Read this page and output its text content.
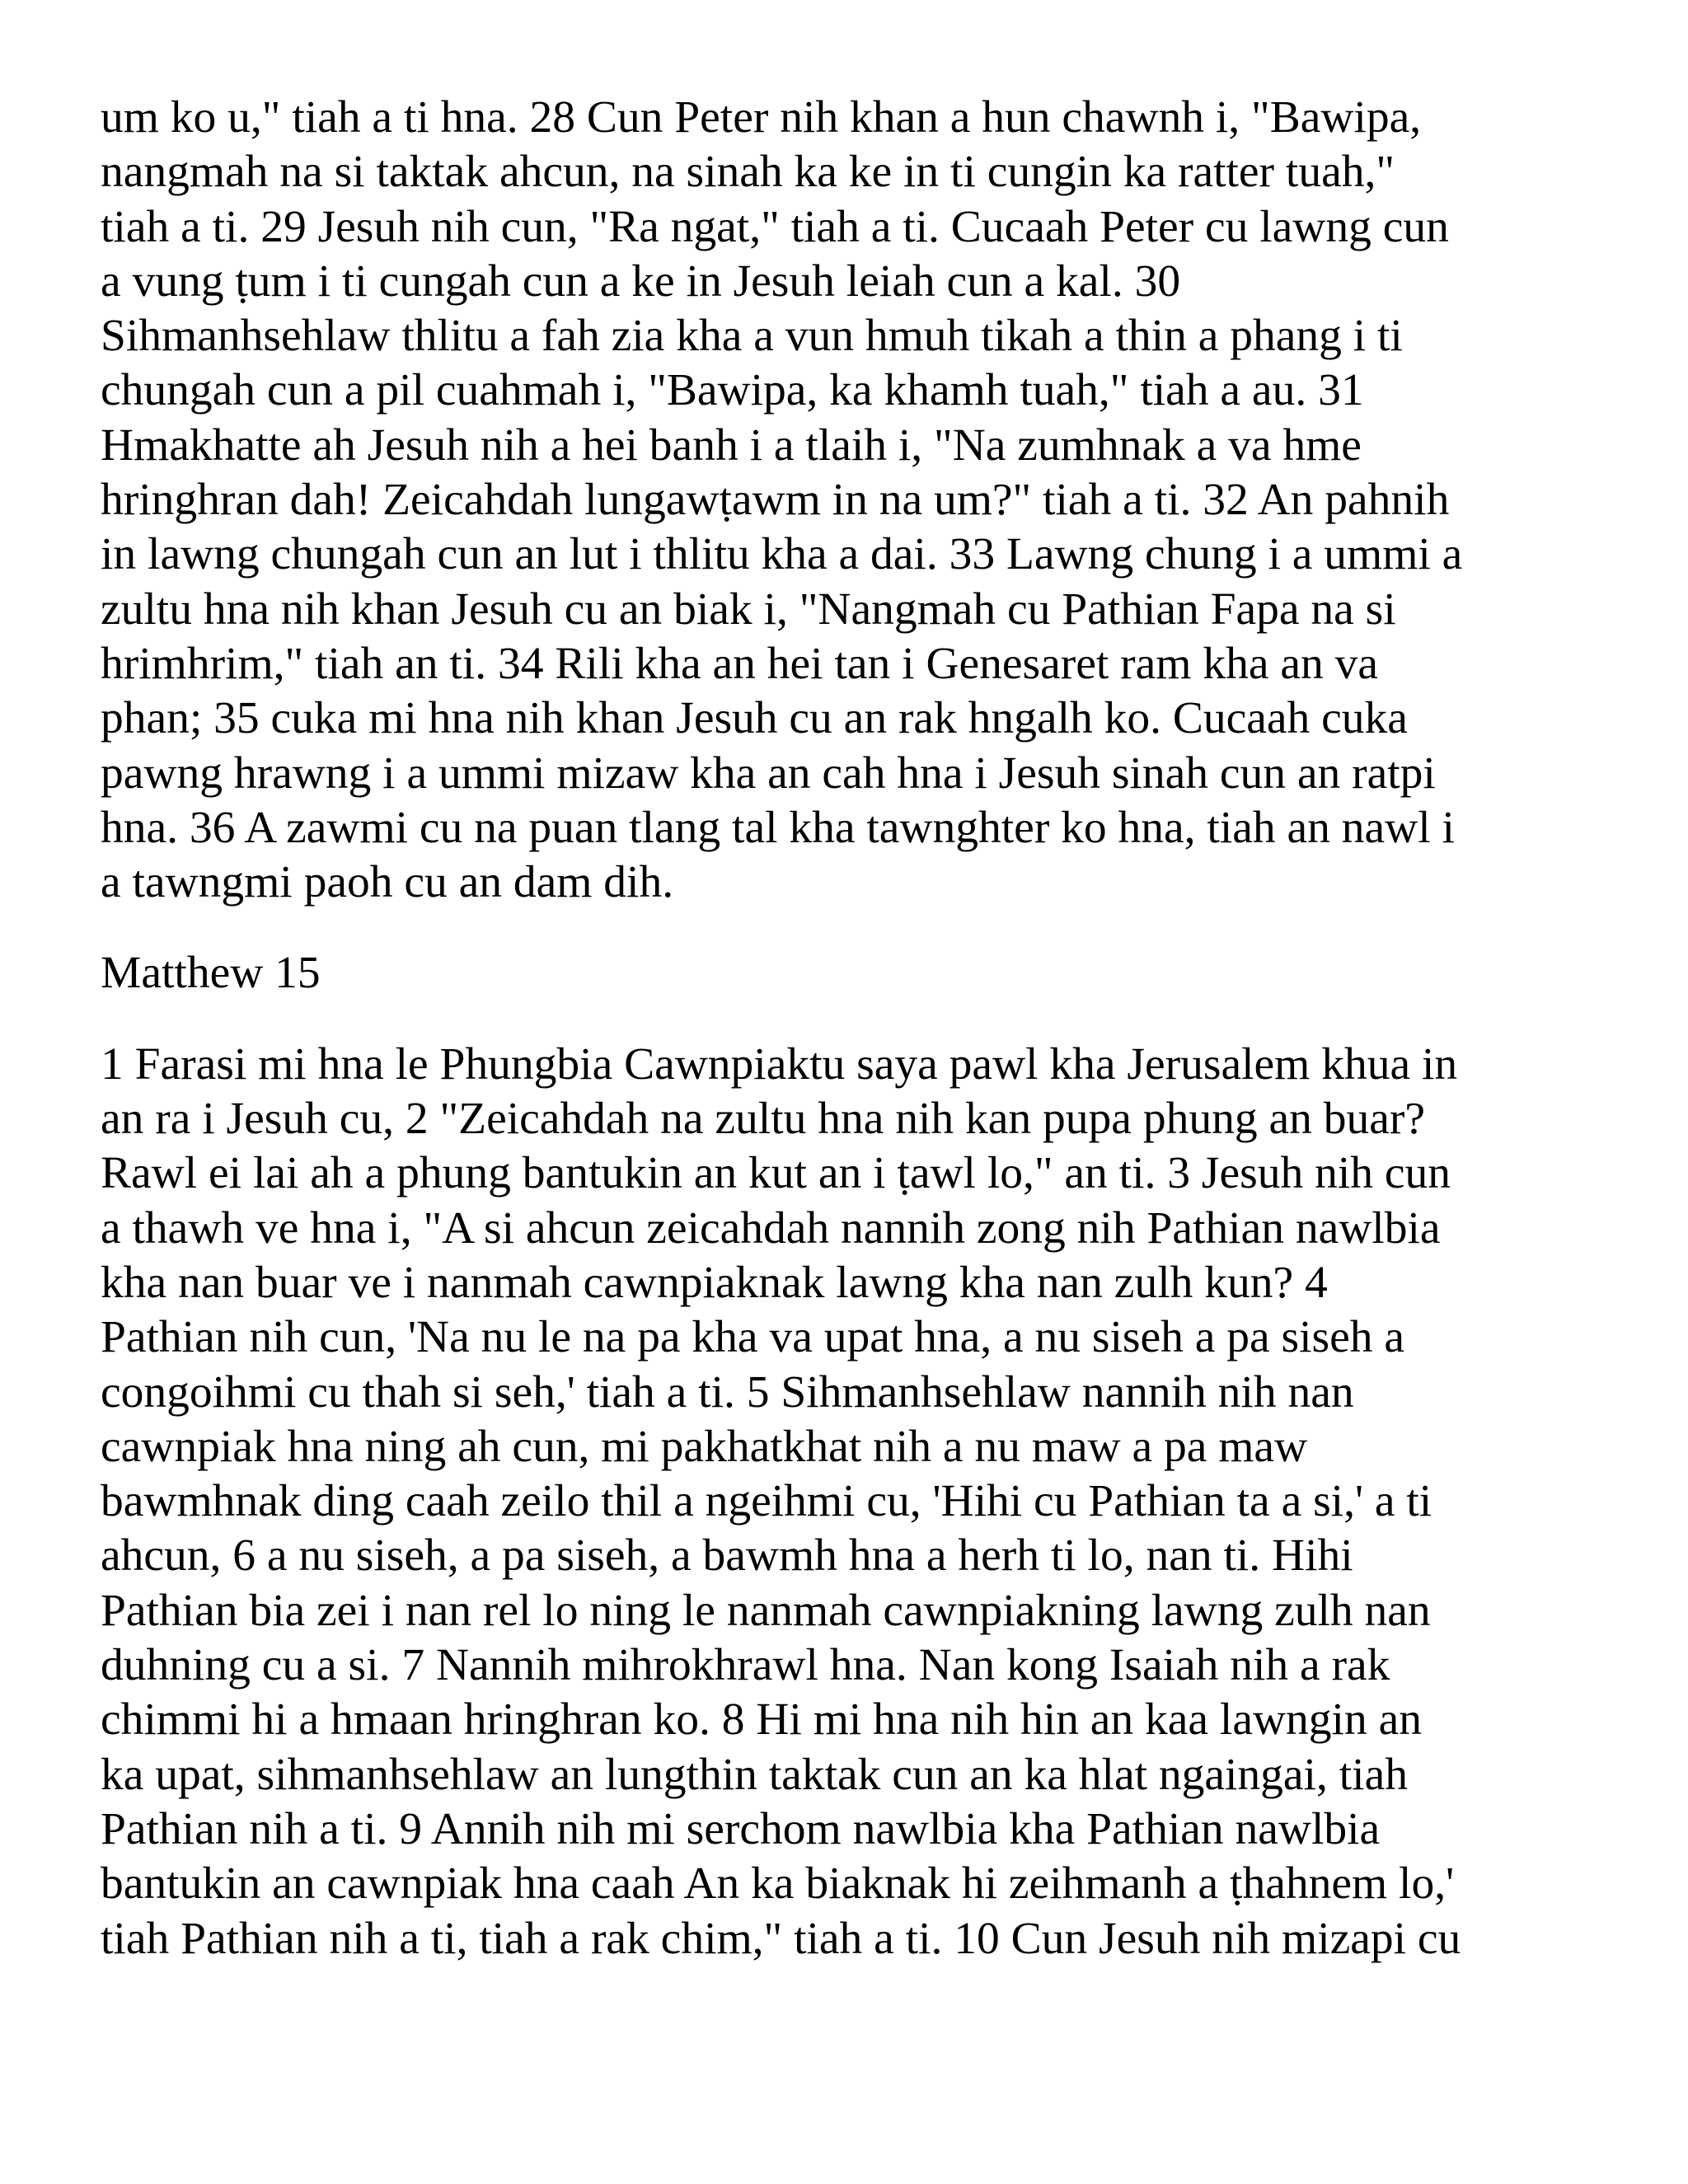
um ko u," tiah a ti hna. 28 Cun Peter nih khan a hun chawnh i, "Bawipa,
nangmah na si taktak ahcun, na sinah ka ke in ti cungin ka ratter tuah,"
tiah a ti. 29 Jesuh nih cun, "Ra ngat," tiah a ti. Cucaah Peter cu lawng cun
a vung ṭum i ti cungah cun a ke in Jesuh leiah cun a kal. 30
Sihmanhsehlaw thlitu a fah zia kha a vun hmuh tikah a thin a phang i ti
chungah cun a pil cuahmah i, "Bawipa, ka khamh tuah," tiah a au. 31
Hmakhatte ah Jesuh nih a hei banh i a tlaih i, "Na zumhnak a va hme
hringhran dah! Zeicahdah lungawṭawm in na um?" tiah a ti. 32 An pahnih
in lawng chungah cun an lut i thlitu kha a dai. 33 Lawng chung i a ummi a
zultu hna nih khan Jesuh cu an biak i, "Nangmah cu Pathian Fapa na si
hrimhrim," tiah an ti. 34 Rili kha an hei tan i Genesaret ram kha an va
phan; 35 cuka mi hna nih khan Jesuh cu an rak hngalh ko. Cucaah cuka
pawng hrawng i a ummi mizaw kha an cah hna i Jesuh sinah cun an ratpi
hna. 36 A zawmi cu na puan tlang tal kha tawnghter ko hna, tiah an nawl i
a tawngmi paoh cu an dam dih.

Matthew 15

1 Farasi mi hna le Phungbia Cawnpiaktu saya pawl kha Jerusalem khua in
an ra i Jesuh cu, 2 "Zeicahdah na zultu hna nih kan pupa phung an buar?
Rawl ei lai ah a phung bantukin an kut an i ṭawl lo," an ti. 3 Jesuh nih cun
a thawh ve hna i, "A si ahcun zeicahdah nannih zong nih Pathian nawlbia
kha nan buar ve i nanmah cawnpiaknak lawng kha nan zulh kun? 4
Pathian nih cun, 'Na nu le na pa kha va upat hna, a nu siseh a pa siseh a
congoihmi cu thah si seh,' tiah a ti. 5 Sihmanhsehlaw nannih nih nan
cawnpiak hna ning ah cun, mi pakhatkhat nih a nu maw a pa maw
bawmhnak ding caah zeilo thil a ngeihmi cu, 'Hihi cu Pathian ta a si,' a ti
ahcun, 6 a nu siseh, a pa siseh, a bawmh hna a herh ti lo, nan ti. Hihi
Pathian bia zei i nan rel lo ning le nanmah cawnpiakning lawng zulh nan
duhning cu a si. 7 Nannih mihrokhrawl hna. Nan kong Isaiah nih a rak
chimmi hi a hmaan hringhran ko. 8 Hi mi hna nih hin an kaa lawngin an
ka upat, sihmanhsehlaw an lungthin taktak cun an ka hlat ngaingai, tiah
Pathian nih a ti. 9 Annih nih mi serchom nawlbia kha Pathian nawlbia
bantukin an cawnpiak hna caah An ka biaknak hi zeihmanh a ṭhahnem lo,'
tiah Pathian nih a ti, tiah a rak chim," tiah a ti. 10 Cun Jesuh nih mizapi cu
